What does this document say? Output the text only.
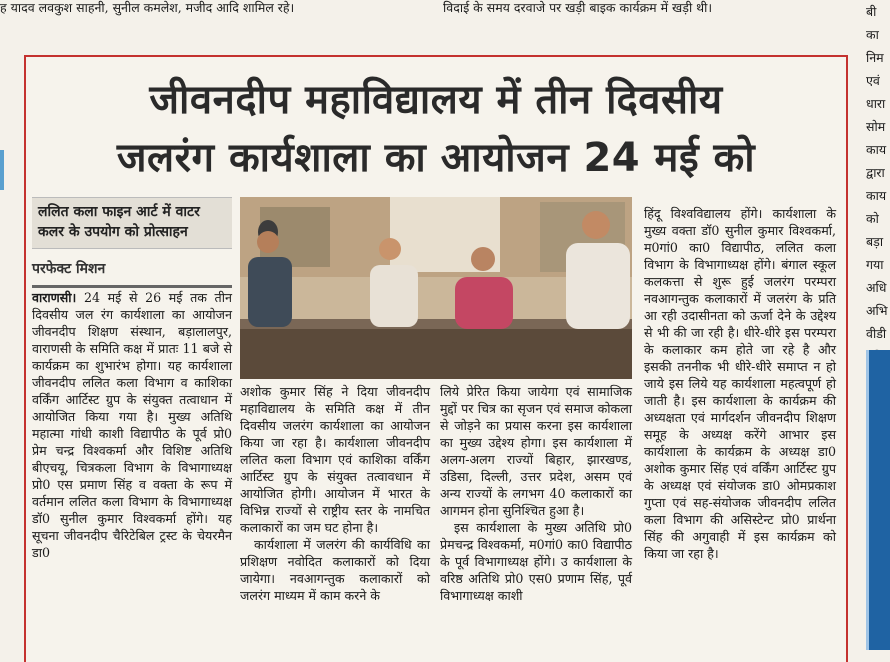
ह यादव लवकुश साहनी, सुनील कमलेश, मजीद आदि शामिल रहे।	विदाई के समय दरवाजे पर खड़ी बाइक कार्यक्रम में खड़ी थी।	बी
का
निम
एवं
धारा
सोम
काय
द्वारा
काय
को
बड़ा
गया
अधि
अभि
वीडी
जीवनदीप महाविद्यालय में तीन दिवसीय
जलरंग कार्यशाला का आयोजन 24 मई को
ललित कला फाइन आर्ट में वाटर कलर के उपयोग को प्रोत्साहन
परफेक्ट मिशन

वाराणसी। 24 मई से 26 मई तक तीन दिवसीय जल रंग कार्यशाला का आयोजन जीवनदीप शिक्षण संस्थान, बड़ालालपुर, वाराणसी के समिति कक्ष में प्रातः 11 बजे से कार्यक्रम का शुभारंभ होगा। यह कार्यशाला जीवनदीप ललित कला विभाग व काशिका वर्किंग आर्टिस्ट ग्रुप के संयुक्त तत्वाधान में आयोजित किया गया है। मुख्य अतिथि महात्मा गांधी काशी विद्यापीठ के पूर्व प्रो0 प्रेम चन्द्र विश्वकर्मा और विशिष्ट अतिथि बीएचयू, चित्रकला विभाग के विभागाध्यक्ष प्रो0 एस प्रमाण सिंह व वक्ता के रूप में वर्तमान ललित कला विभाग के विभागाध्यक्ष डॉ0 सुनील कुमार विश्वकर्मा होंगे। यह सूचना जीवनदीप चैरिटेबिल ट्रस्ट के चेयरमैन डा0

अशोक कुमार सिंह ने दिया जीवनदीप महाविद्यालय के समिति कक्ष में तीन दिवसीय जलरंग कार्यशाला का आयोजन किया जा रहा है। कार्यशाला जीवनदीप ललित कला विभाग एवं काशिका वर्किंग आर्टिस्ट ग्रुप के संयुक्त तत्वावधान में आयोजित होगी। आयोजन में भारत के विभिन्न राज्यों से राष्ट्रीय स्तर के नामचित कलाकारों का जम घट होना है।

कार्यशाला में जलरंग की कार्यविधि का प्रशिक्षण नवोदित कलाकारों को दिया जायेगा। नवआगन्तुक कलाकारों को जलरंग माध्यम में काम करने के

लिये प्रेरित किया जायेगा एवं सामाजिक मुद्दों पर चित्र का सृजन एवं समाज कोकला से जोड़ने का प्रयास करना इस कार्यशाला का मुख्य उद्देश्य होगा। इस कार्यशाला में अलग-अलग राज्यों बिहार, झारखण्ड, उडिसा, दिल्ली, उत्तर प्रदेश, असम एवं अन्य राज्यों के लगभग 40 कलाकारों का आगमन होना सुनिश्चित हुआ है।

इस कार्यशाला के मुख्य अतिथि प्रो0 प्रेमचन्द्र विश्वकर्मा, म0गां0 का0 विद्यापीठ के पूर्व विभागाध्यक्ष होंगे। उ कार्यशाला के वरिष्ठ अतिथि प्रो0 एस0 प्रणाम सिंह, पूर्व विभागाध्यक्ष काशी

हिंदू विश्वविद्यालय होंगे। कार्यशाला के मुख्य वक्ता डॉ0 सुनील कुमार विश्वकर्मा, म0गां0 का0 विद्यापीठ, ललित कला विभाग के विभागाध्यक्ष होंगे। बंगाल स्कूल कलकत्ता से शुरू हुई जलरंग परम्परा नवआगन्तुक कलाकारों में जलरंग के प्रति आ रही उदासीनता को ऊर्जा देने के उद्देश्य से भी की जा रही है। धीरे-धीरे इस परम्परा के कलाकार कम होते जा रहे है और इसकी तननीक भी धीरे-धीरे समाप्त न हो जाये इस लिये यह कार्यशाला महत्वपूर्ण हो जाती है। इस कार्यशाला के कार्यक्रम की अध्यक्षता एवं मार्गदर्शन जीवनदीप शिक्षण समूह के अध्यक्ष करेंगे आभार इस कार्यशाला के कार्यक्रम के अध्यक्ष डा0 अशोक कुमार सिंह एवं वर्किंग आर्टिस्ट ग्रुप के अध्यक्ष एवं संयोजक डा0 ओमप्रकाश गुप्ता एवं सह-संयोजक जीवनदीप ललित कला विभाग की असिस्टेन्ट प्रो0 प्रार्थना सिंह की अगुवाही में इस कार्यक्रम को किया जा रहा है।
